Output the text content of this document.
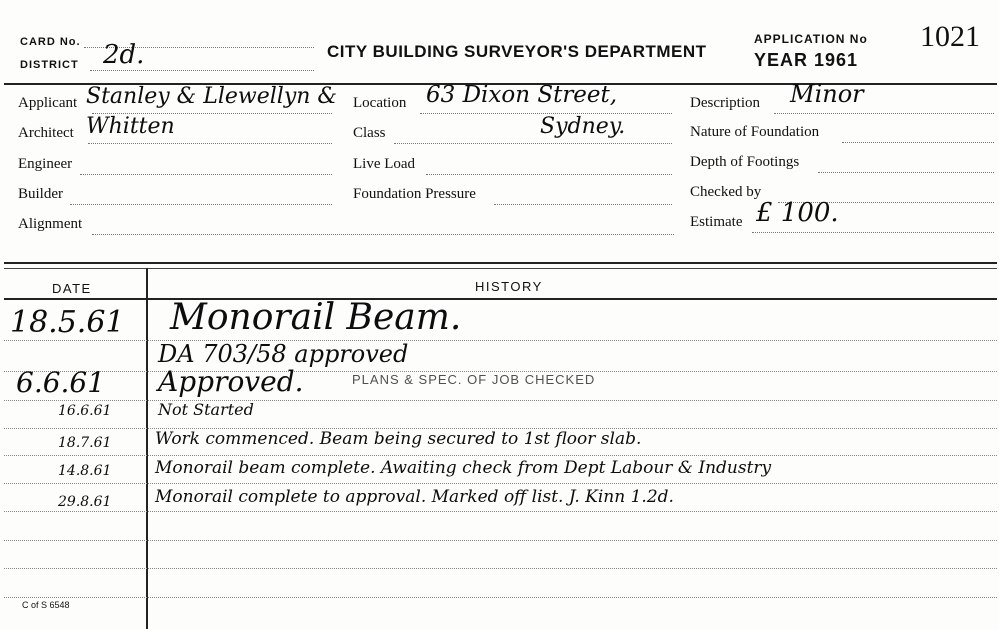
CARD No.
DISTRICT 2d.	CITY BUILDING SURVEYOR'S DEPARTMENT
APPLICATION No 1021
YEAR 1961
Applicant Stanley & Llewellyn &
Architect Whitten
Engineer
Builder
Alignment
Location 63 Dixon Street,
Class	Sydney.
Live Load
Foundation Pressure
Description Minor
Nature of Foundation
Depth of Footings
Checked by
Estimate £ 100.
DATE	HISTORY
18.5.61 Monorail Beam.
DA 703/58 approved
6.6.61 Approved.	PLANS & SPEC. OF JOB CHECKED
16.6.61	Not Started
18.7.61	Work commenced. Beam being secured to 1st floor slab.
14.8.61	Monorail beam complete. Awaiting check from Dept Labour & Industry
29.8.61	Monorail complete to approval. Marked off list. J. Kinn 1.2d.
C of S 6548
